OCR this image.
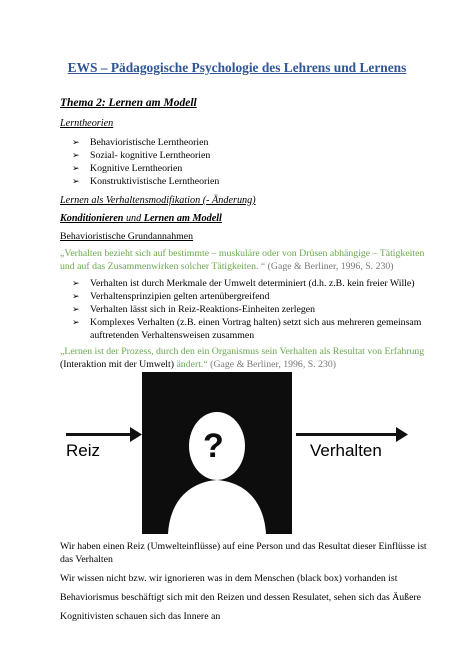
EWS – Pädagogische Psychologie des Lehrens und Lernens
Thema 2: Lernen am Modell
Lerntheorien
➢ Behavioristische Lerntheorien
➢ Sozial- kognitive Lerntheorien
➢ Kognitive Lerntheorien
➢ Konstruktivistische Lerntheorien
Lernen als Verhaltensmodifikation (- Änderung)
Konditionieren und Lernen am Modell
Behavioristische Grundannahmen
„Verhalten bezieht sich auf bestimmte – muskuläre oder von Drüsen abhängige – Tätigkeiten
und auf das Zusammenwirken solcher Tätigkeiten. “ (Gage & Berliner, 1996, S. 230)
➢ Verhalten ist durch Merkmale der Umwelt determiniert (d.h. z.B. kein freier Wille)
➢ Verhaltensprinzipien gelten artenübergreifend
➢ Verhalten lässt sich in Reiz-Reaktions-Einheiten zerlegen
➢ Komplexes Verhalten (z.B. einen Vortrag halten) setzt sich aus mehreren gemeinsam
auftretenden Verhaltensweisen zusammen
„Lernen ist der Prozess, durch den ein Organismus sein Verhalten als Resultat von Erfahrung
(Interaktion mit der Umwelt) ändert.“ (Gage & Berliner, 1996, S. 230)
Reiz	Verhalten
?
Wir haben einen Reiz (Umwelteinflüsse) auf eine Person und das Resultat dieser Einflüsse ist
das Verhalten
Wir wissen nicht bzw. wir ignorieren was in dem Menschen (black box) vorhanden ist
Behaviorismus beschäftigt sich mit den Reizen und dessen Resulatet, sehen sich das Äußere
Kognitivisten schauen sich das Innere an
